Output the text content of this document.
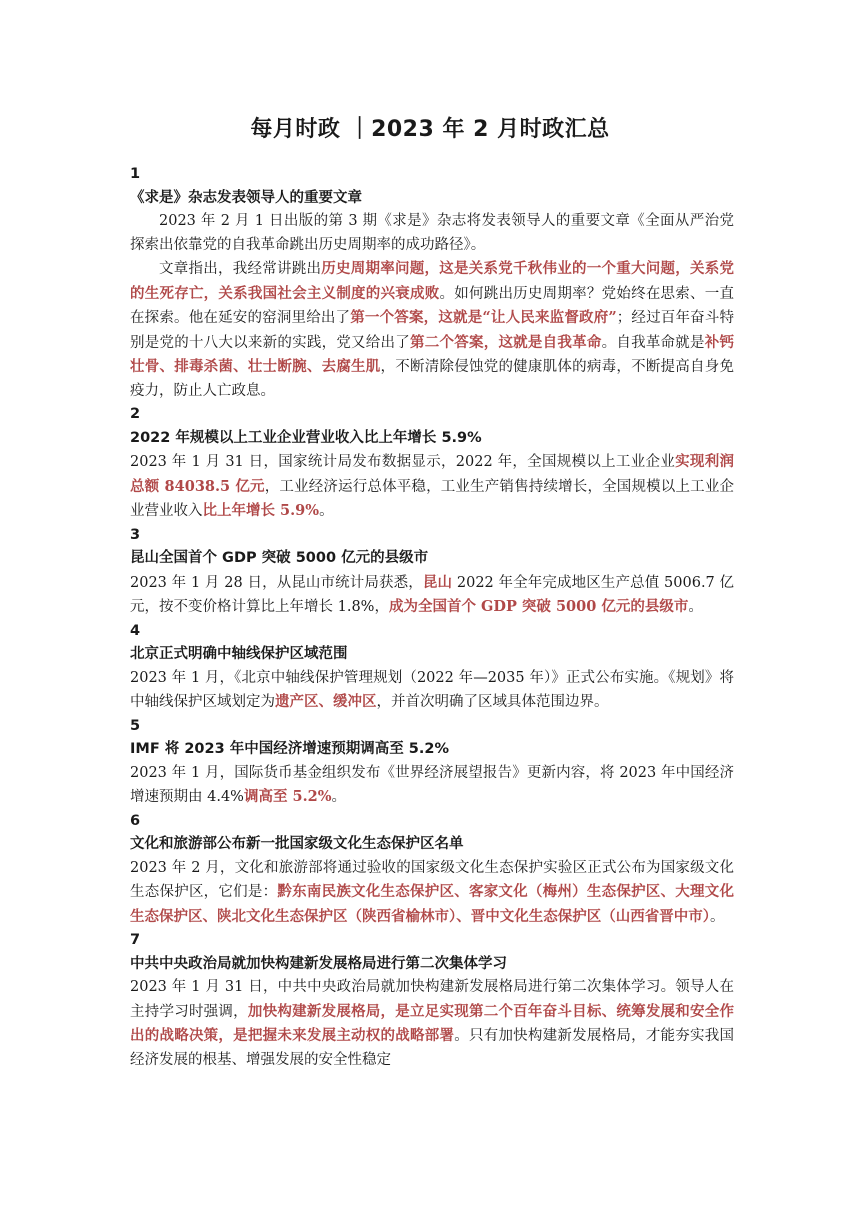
每月时政 ｜2023 年 2 月时政汇总

1

《求是》杂志发表领导人的重要文章

2023 年 2 月 1 日出版的第 3 期《求是》杂志将发表领导人的重要文章《全面从严治党探索出依靠党的自我革命跳出历史周期率的成功路径》。

文章指出，我经常讲跳出历史周期率问题，这是关系党千秋伟业的一个重大问题，关系党的生死存亡，关系我国社会主义制度的兴衰成败。如何跳出历史周期率？党始终在思索、一直在探索。他在延安的窑洞里给出了第一个答案，这就是“让人民来监督政府”；经过百年奋斗特别是党的十八大以来新的实践，党又给出了第二个答案，这就是自我革命。自我革命就是补钙壮骨、排毒杀菌、壮士断腕、去腐生肌，不断清除侵蚀党的健康肌体的病毒，不断提高自身免疫力，防止人亡政息。

2

2022 年规模以上工业企业营业收入比上年增长 5.9%

2023 年 1 月 31 日，国家统计局发布数据显示，2022 年，全国规模以上工业企业实现利润总额 84038.5 亿元，工业经济运行总体平稳，工业生产销售持续增长，全国规模以上工业企业营业收入比上年增长 5.9%。

3

昆山全国首个 GDP 突破 5000 亿元的县级市

2023 年 1 月 28 日，从昆山市统计局获悉，昆山 2022 年全年完成地区生产总值 5006.7 亿元，按不变价格计算比上年增长 1.8%，成为全国首个 GDP 突破 5000 亿元的县级市。

4

北京正式明确中轴线保护区域范围

2023 年 1 月，《北京中轴线保护管理规划（2022 年—2035 年）》正式公布实施。《规划》将中轴线保护区域划定为遗产区、缓冲区，并首次明确了区域具体范围边界。

5

IMF 将 2023 年中国经济增速预期调高至 5.2%

2023 年 1 月，国际货币基金组织发布《世界经济展望报告》更新内容，将 2023 年中国经济增速预期由 4.4%调高至 5.2%。

6

文化和旅游部公布新一批国家级文化生态保护区名单

2023 年 2 月，文化和旅游部将通过验收的国家级文化生态保护实验区正式公布为国家级文化生态保护区，它们是：黔东南民族文化生态保护区、客家文化（梅州）生态保护区、大理文化生态保护区、陕北文化生态保护区（陕西省榆林市）、晋中文化生态保护区（山西省晋中市）。

7

中共中央政治局就加快构建新发展格局进行第二次集体学习

2023 年 1 月 31 日，中共中央政治局就加快构建新发展格局进行第二次集体学习。领导人在主持学习时强调，加快构建新发展格局，是立足实现第二个百年奋斗目标、统筹发展和安全作出的战略决策，是把握未来发展主动权的战略部署。只有加快构建新发展格局，才能夯实我国经济发展的根基、增强发展的安全性稳定
